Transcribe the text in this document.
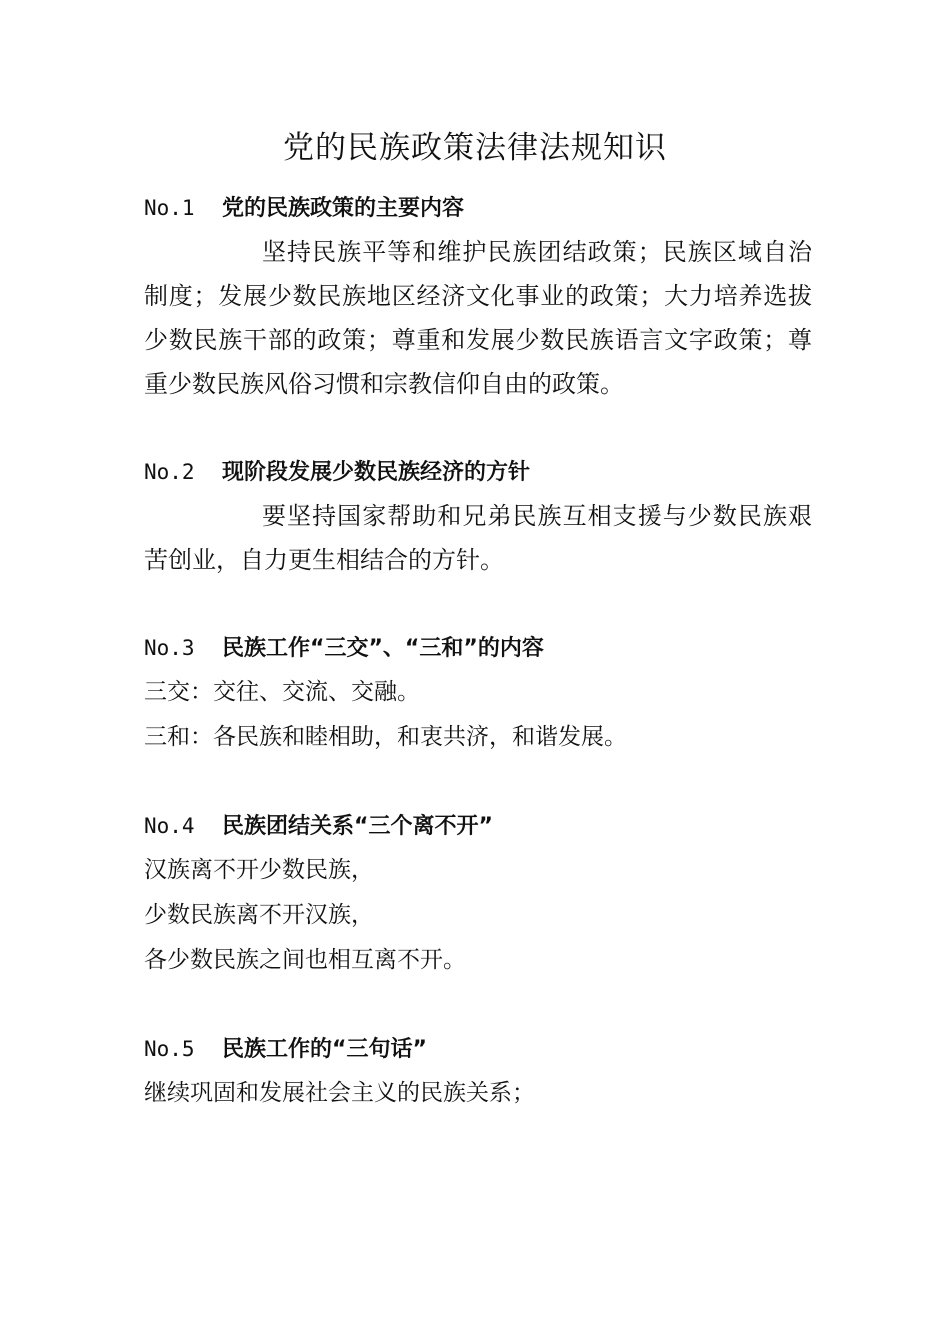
党的民族政策法律法规知识
No.1 党的民族政策的主要内容

坚持民族平等和维护民族团结政策；民族区域自治制度；发展少数民族地区经济文化事业的政策；大力培养选拔少数民族干部的政策；尊重和发展少数民族语言文字政策；尊重少数民族风俗习惯和宗教信仰自由的政策。

No.2 现阶段发展少数民族经济的方针

要坚持国家帮助和兄弟民族互相支援与少数民族艰苦创业，自力更生相结合的方针。

No.3 民族工作“三交”、“三和”的内容

三交：交往、交流、交融。

三和：各民族和睦相助，和衷共济，和谐发展。

No.4 民族团结关系“三个离不开”

汉族离不开少数民族，

少数民族离不开汉族，

各少数民族之间也相互离不开。

No.5 民族工作的“三句话”

继续巩固和发展社会主义的民族关系；
